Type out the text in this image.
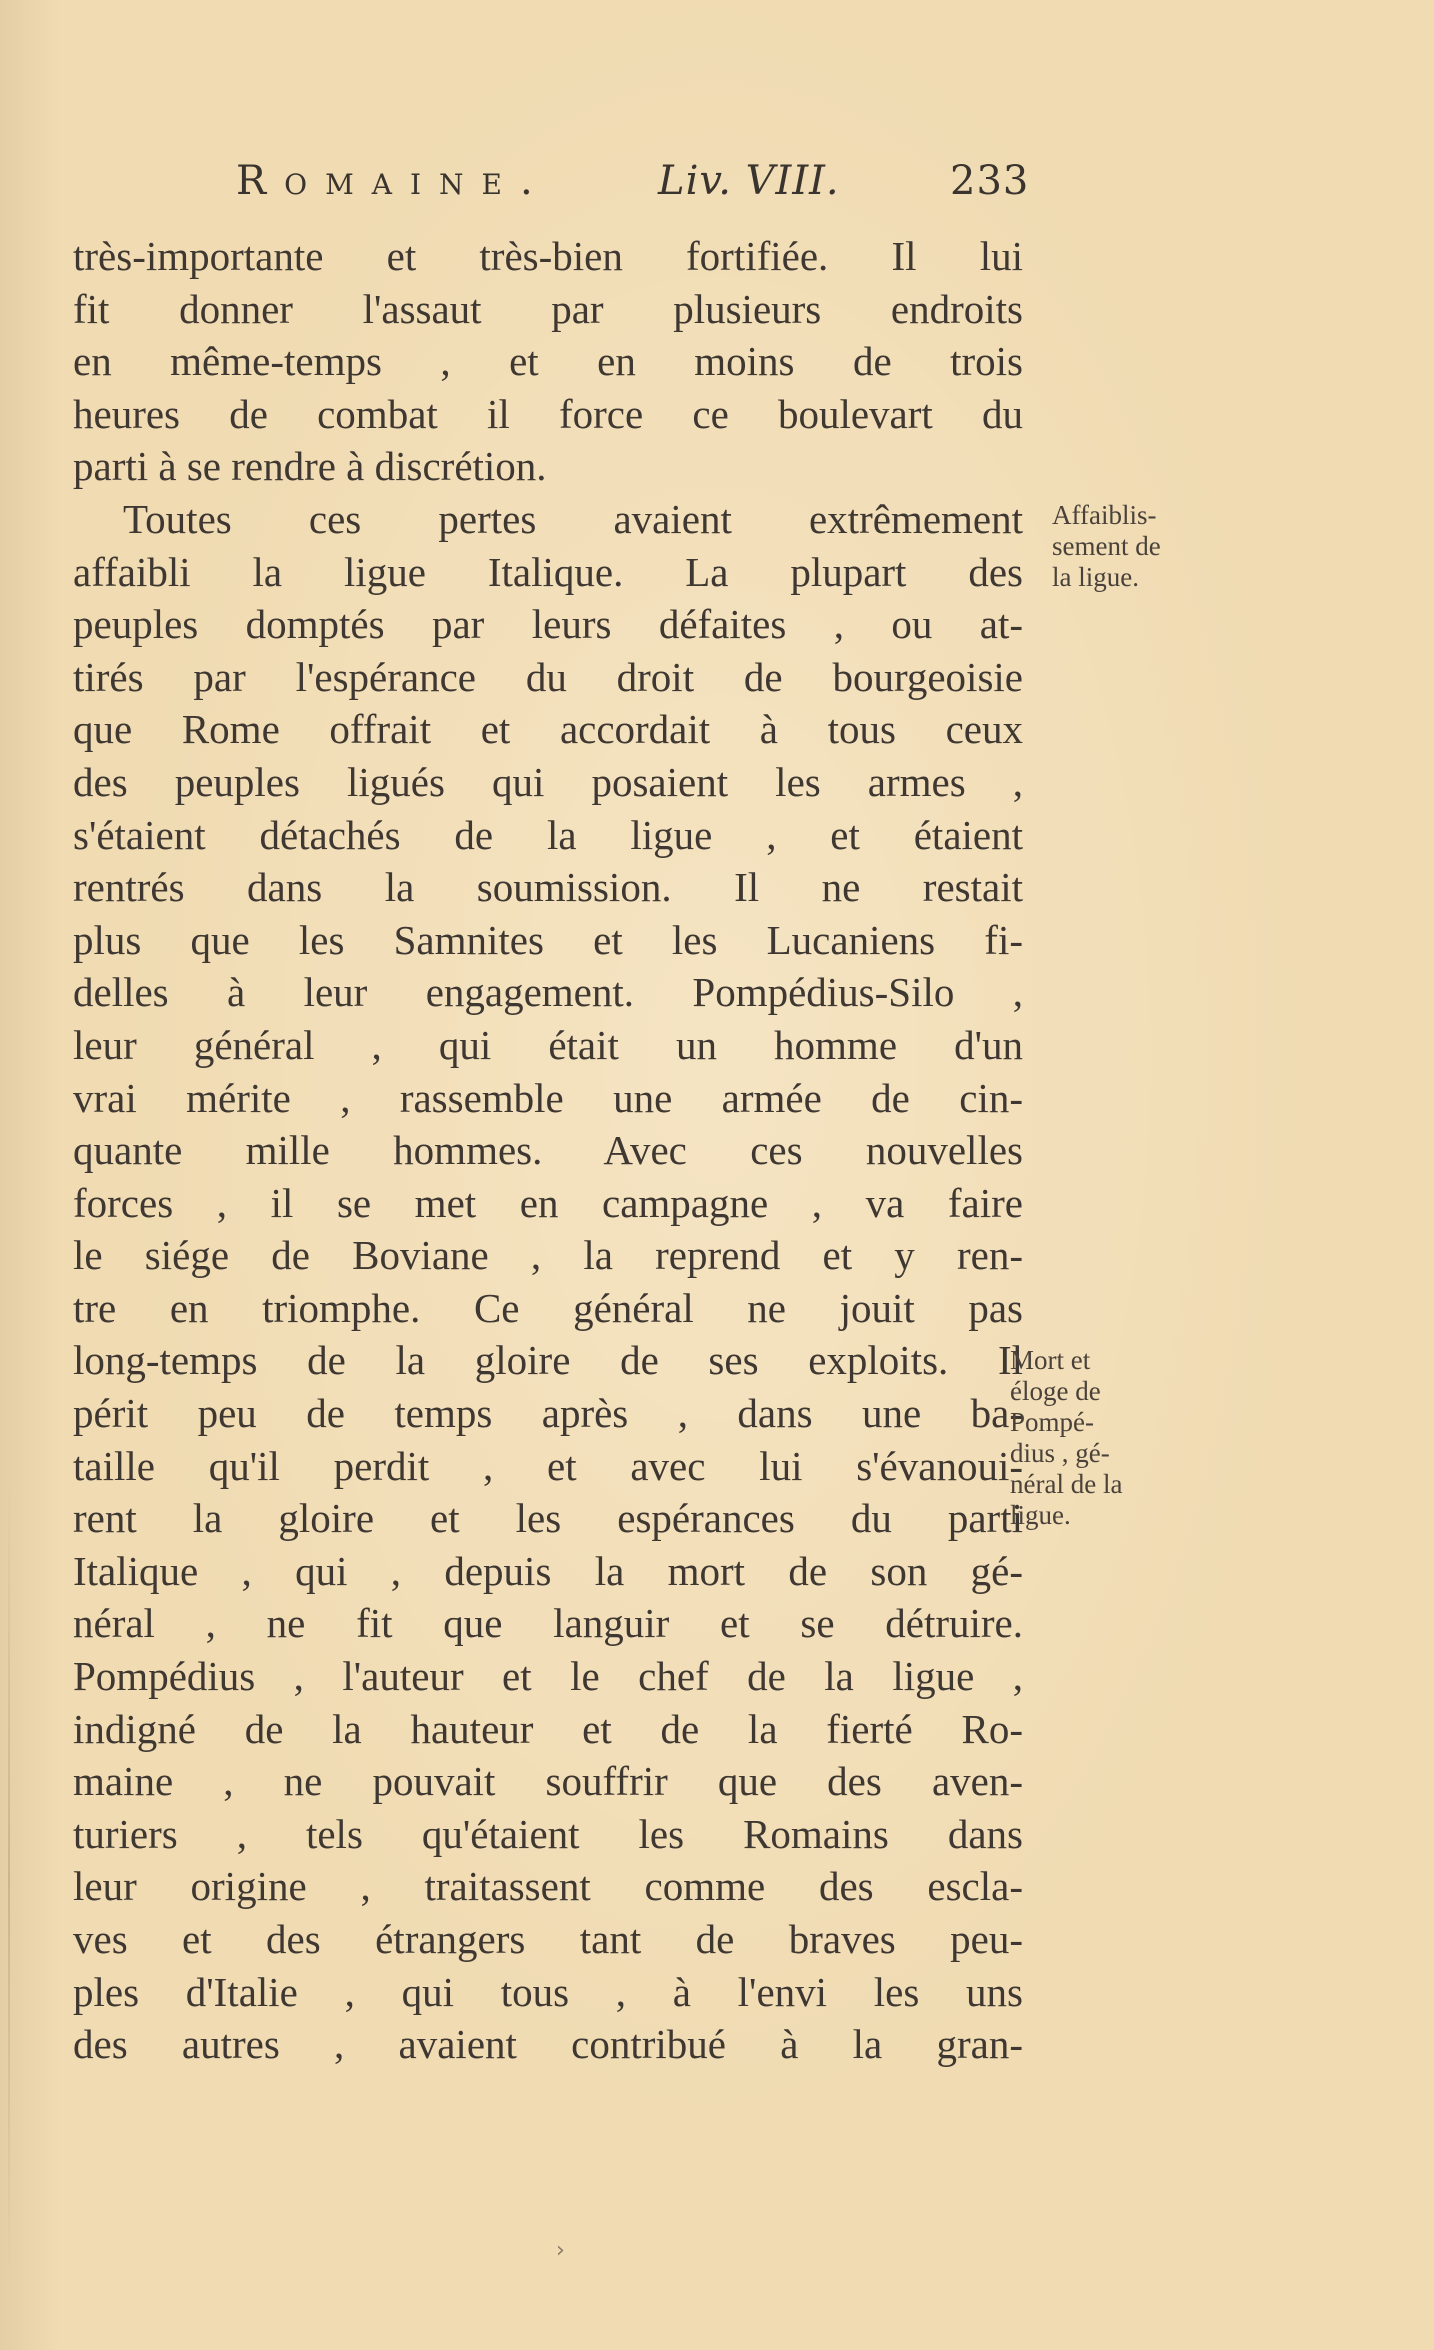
Romaine.	Liv. VIII.	233
très-importante et très-bien fortifiée. Il lui
fit donner l'assaut par plusieurs endroits
en même-temps , et en moins de trois
heures de combat il force ce boulevart du
parti à se rendre à discrétion.
Toutes ces pertes avaient extrêmement
affaibli la ligue Italique. La plupart des
peuples domptés par leurs défaites , ou at-
tirés par l'espérance du droit de bourgeoisie
que Rome offrait et accordait à tous ceux
des peuples ligués qui posaient les armes ,
s'étaient détachés de la ligue , et étaient
rentrés dans la soumission. Il ne restait
plus que les Samnites et les Lucaniens fi-
delles à leur engagement. Pompédius-Silo ,
leur général , qui était un homme d'un
vrai mérite , rassemble une armée de cin-
quante mille hommes. Avec ces nouvelles
forces , il se met en campagne , va faire
le siége de Boviane , la reprend et y ren-
tre en triomphe. Ce général ne jouit pas
long-temps de la gloire de ses exploits. Il
périt peu de temps après , dans une ba-
taille qu'il perdit , et avec lui s'évanoui-
rent la gloire et les espérances du parti
Italique , qui , depuis la mort de son gé-
néral , ne fit que languir et se détruire.
Pompédius , l'auteur et le chef de la ligue ,
indigné de la hauteur et de la fierté Ro-
maine , ne pouvait souffrir que des aven-
turiers , tels qu'étaient les Romains dans
leur origine , traitassent comme des escla-
ves et des étrangers tant de braves peu-
ples d'Italie , qui tous , à l'envi les uns
des autres , avaient contribué à la gran-
Affaiblis-
sement de
la ligue.
Mort et
éloge de
Pompé-
dius , gé-
néral de la
ligue.
›
